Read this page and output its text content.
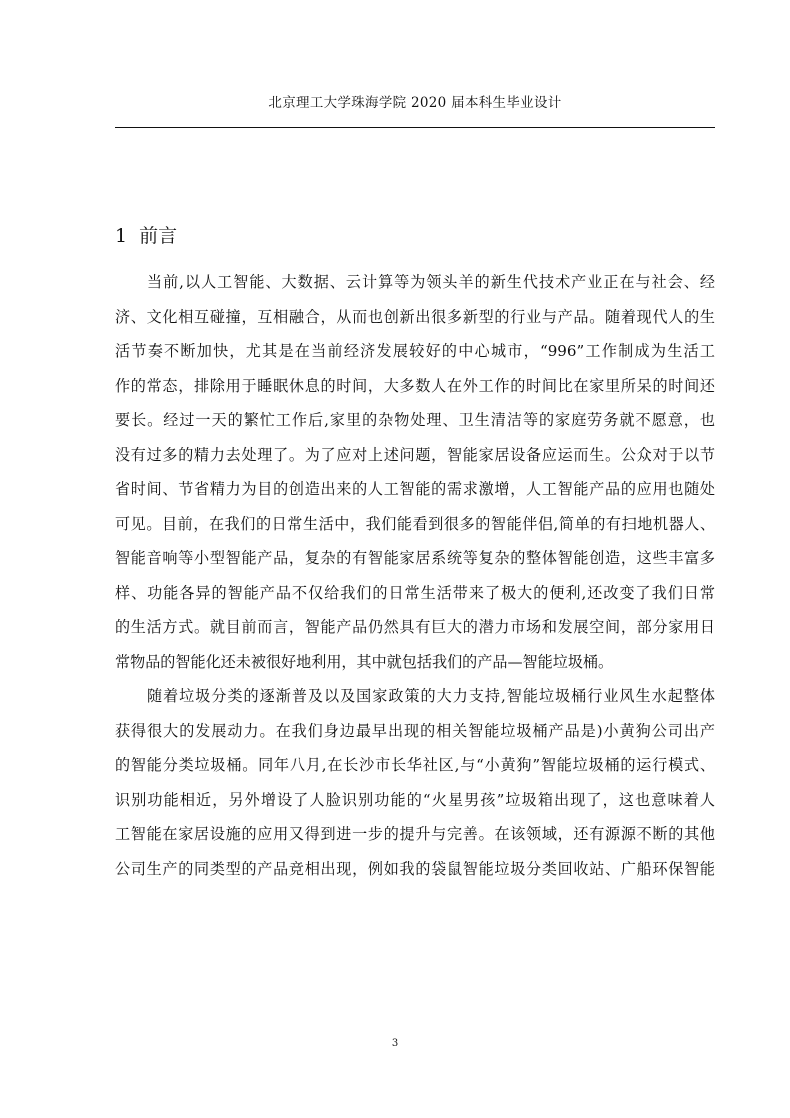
北京理工大学珠海学院 2020 届本科生毕业设计
1  前言
当前,以人工智能、大数据、云计算等为领头羊的新生代技术产业正在与社会、经
济、文化相互碰撞，互相融合，从而也创新出很多新型的行业与产品。随着现代人的生
活节奏不断加快，尤其是在当前经济发展较好的中心城市，“996”工作制成为生活工
作的常态，排除用于睡眠休息的时间，大多数人在外工作的时间比在家里所呆的时间还
要长。经过一天的繁忙工作后,家里的杂物处理、卫生清洁等的家庭劳务就不愿意，也
没有过多的精力去处理了。为了应对上述问题，智能家居设备应运而生。公众对于以节
省时间、节省精力为目的创造出来的人工智能的需求激增，人工智能产品的应用也随处
可见。目前，在我们的日常生活中，我们能看到很多的智能伴侣,简单的有扫地机器人、
智能音响等小型智能产品，复杂的有智能家居系统等复杂的整体智能创造，这些丰富多
样、功能各异的智能产品不仅给我们的日常生活带来了极大的便利,还改变了我们日常
的生活方式。就目前而言，智能产品仍然具有巨大的潜力市场和发展空间，部分家用日
常物品的智能化还未被很好地利用，其中就包括我们的产品—智能垃圾桶。
随着垃圾分类的逐渐普及以及国家政策的大力支持,智能垃圾桶行业风生水起整体
获得很大的发展动力。在我们身边最早出现的相关智能垃圾桶产品是)小黄狗公司出产
的智能分类垃圾桶。同年八月,在长沙市长华社区,与“小黄狗”智能垃圾桶的运行模式、
识别功能相近，另外增设了人脸识别功能的“火星男孩”垃圾箱出现了，这也意味着人
工智能在家居设施的应用又得到进一步的提升与完善。在该领域，还有源源不断的其他
公司生产的同类型的产品竞相出现，例如我的袋鼠智能垃圾分类回收站、广船环保智能
3
